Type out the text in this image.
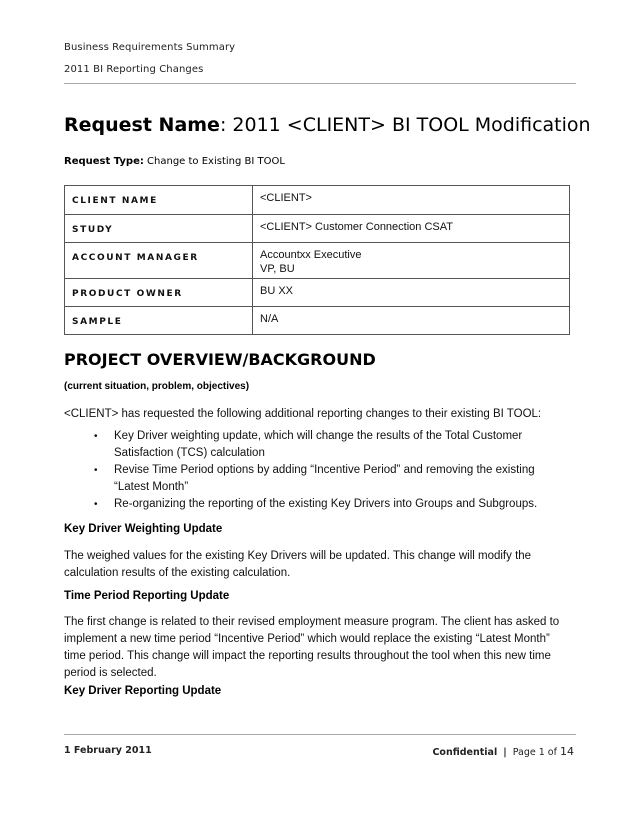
Business Requirements Summary
2011 BI Reporting Changes
Request Name: 2011 <CLIENT> BI TOOL Modification
Request Type: Change to Existing BI TOOL
CLIENT NAME	<CLIENT>

STUDY	<CLIENT> Customer Connection CSAT

ACCOUNT MANAGER	Accountxx Executive
VP, BU

PRODUCT OWNER	BU XX

SAMPLE	N/A
PROJECT OVERVIEW/BACKGROUND
(current situation, problem, objectives)
<CLIENT> has requested the following additional reporting changes to their existing BI TOOL:
•	Key Driver weighting update, which will change the results of the Total Customer Satisfaction (TCS) calculation
•	Revise Time Period options by adding “Incentive Period” and removing the existing “Latest Month”
•	Re-organizing the reporting of the existing Key Drivers into Groups and Subgroups.
Key Driver Weighting Update
The weighed values for the existing Key Drivers will be updated. This change will modify the calculation results of the existing calculation.
Time Period Reporting Update
The first change is related to their revised employment measure program. The client has asked to implement a new time period “Incentive Period” which would replace the existing “Latest Month” time period. This change will impact the reporting results throughout the tool when this new time period is selected.
Key Driver Reporting Update
1 February 2011	Confidential | Page 1 of 14
